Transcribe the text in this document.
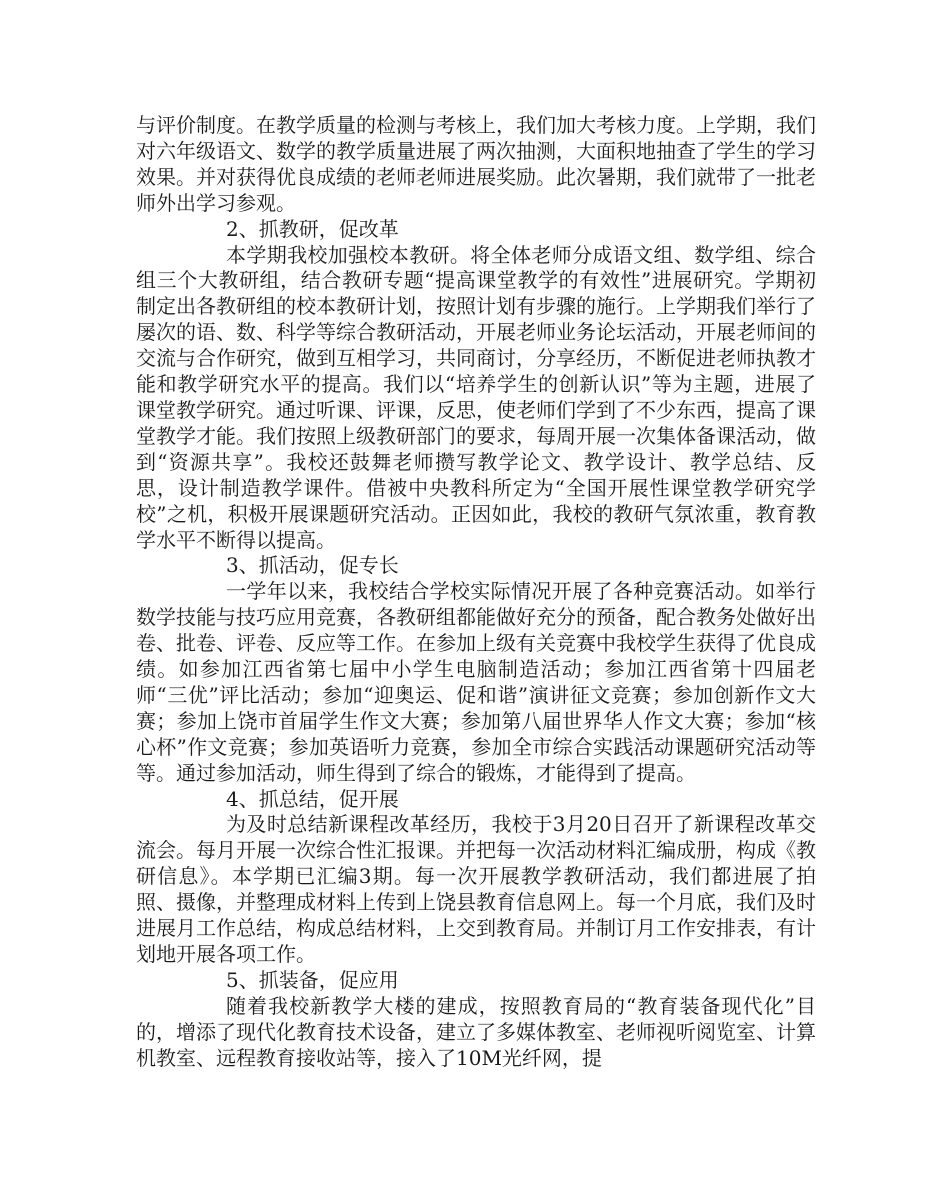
与评价制度。在教学质量的检测与考核上，我们加大考核力度。上学期，我们对六年级语文、数学的教学质量进展了两次抽测，大面积地抽查了学生的学习效果。并对获得优良成绩的老师老师进展奖励。此次暑期，我们就带了一批老师外出学习参观。

2、抓教研，促改革

本学期我校加强校本教研。将全体老师分成语文组、数学组、综合组三个大教研组，结合教研专题“提高课堂教学的有效性”进展研究。学期初制定出各教研组的校本教研计划，按照计划有步骤的施行。上学期我们举行了屡次的语、数、科学等综合教研活动，开展老师业务论坛活动，开展老师间的交流与合作研究，做到互相学习，共同商讨，分享经历，不断促进老师执教才能和教学研究水平的提高。我们以“培养学生的创新认识”等为主题，进展了课堂教学研究。通过听课、评课，反思，使老师们学到了不少东西，提高了课堂教学才能。我们按照上级教研部门的要求，每周开展一次集体备课活动，做到“资源共享”。我校还鼓舞老师攒写教学论文、教学设计、教学总结、反思，设计制造教学课件。借被中央教科所定为“全国开展性课堂教学研究学校”之机，积极开展课题研究活动。正因如此，我校的教研气氛浓重，教育教学水平不断得以提高。

3、抓活动，促专长

一学年以来，我校结合学校实际情况开展了各种竞赛活动。如举行数学技能与技巧应用竞赛，各教研组都能做好充分的预备，配合教务处做好出卷、批卷、评卷、反应等工作。在参加上级有关竞赛中我校学生获得了优良成绩。如参加江西省第七届中小学生电脑制造活动；参加江西省第十四届老师“三优”评比活动；参加“迎奥运、促和谐”演讲征文竞赛；参加创新作文大赛；参加上饶市首届学生作文大赛；参加第八届世界华人作文大赛；参加“核心杯”作文竞赛；参加英语听力竞赛，参加全市综合实践活动课题研究活动等等。通过参加活动，师生得到了综合的锻炼，才能得到了提高。

4、抓总结，促开展

为及时总结新课程改革经历，我校于3月20日召开了新课程改革交流会。每月开展一次综合性汇报课。并把每一次活动材料汇编成册，构成《教研信息》。本学期已汇编3期。每一次开展教学教研活动，我们都进展了拍照、摄像，并整理成材料上传到上饶县教育信息网上。每一个月底，我们及时进展月工作总结，构成总结材料，上交到教育局。并制订月工作安排表，有计划地开展各项工作。

5、抓装备，促应用

随着我校新教学大楼的建成，按照教育局的“教育装备现代化”目的，增添了现代化教育技术设备，建立了多媒体教室、老师视听阅览室、计算机教室、远程教育接收站等，接入了10M光纤网，提
